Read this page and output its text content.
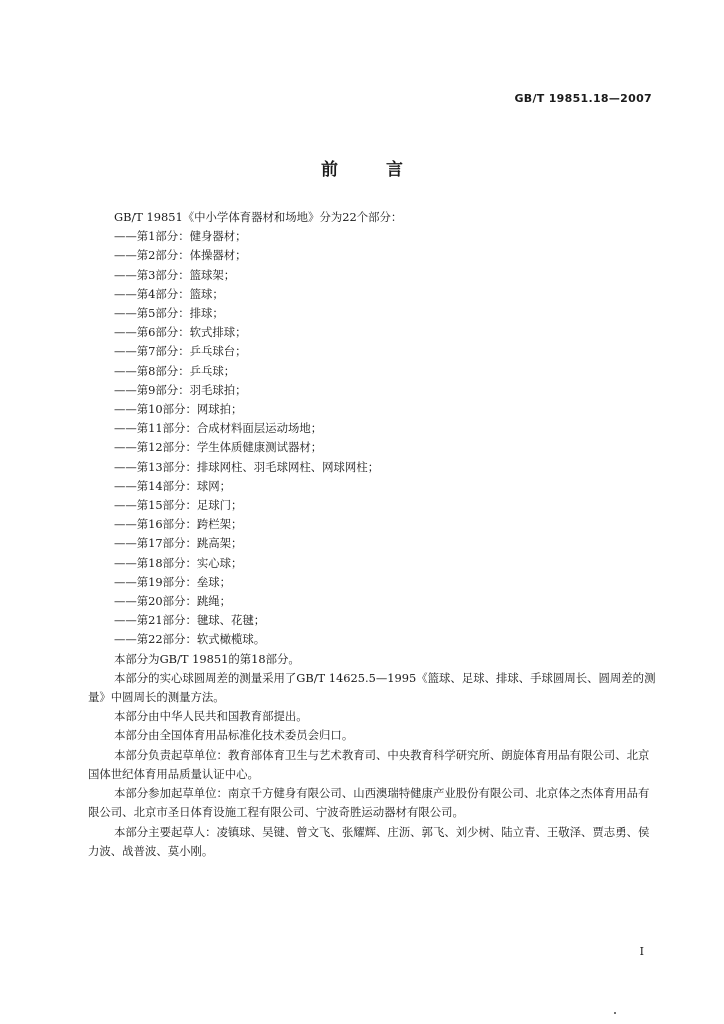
GB/T 19851.18—2007
前言

GB/T 19851《中小学体育器材和场地》分为22个部分：

——第1部分：健身器材；

——第2部分：体操器材；

——第3部分：篮球架；

——第4部分：篮球；

——第5部分：排球；

——第6部分：软式排球；

——第7部分：乒乓球台；

——第8部分：乒乓球；

——第9部分：羽毛球拍；

——第10部分：网球拍；

——第11部分：合成材料面层运动场地；

——第12部分：学生体质健康测试器材；

——第13部分：排球网柱、羽毛球网柱、网球网柱；

——第14部分：球网；

——第15部分：足球门；

——第16部分：跨栏架；

——第17部分：跳高架；

——第18部分：实心球；

——第19部分：垒球；

——第20部分：跳绳；

——第21部分：毽球、花毽；

——第22部分：软式橄榄球。

本部分为GB/T 19851的第18部分。

本部分的实心球圆周差的测量采用了GB/T 14625.5—1995《篮球、足球、排球、手球圆周长、圆周差的测量》中圆周长的测量方法。

本部分由中华人民共和国教育部提出。

本部分由全国体育用品标准化技术委员会归口。

本部分负责起草单位：教育部体育卫生与艺术教育司、中央教育科学研究所、朗旋体育用品有限公司、北京国体世纪体育用品质量认证中心。

本部分参加起草单位：南京千方健身有限公司、山西澳瑞特健康产业股份有限公司、北京体之杰体育用品有限公司、北京市圣日体育设施工程有限公司、宁波奇胜运动器材有限公司。

本部分主要起草人：凌镇球、吴键、曾文飞、张耀辉、庄沥、郭飞、刘少树、陆立青、王敬泽、贾志勇、侯力波、战普波、莫小刚。

I
